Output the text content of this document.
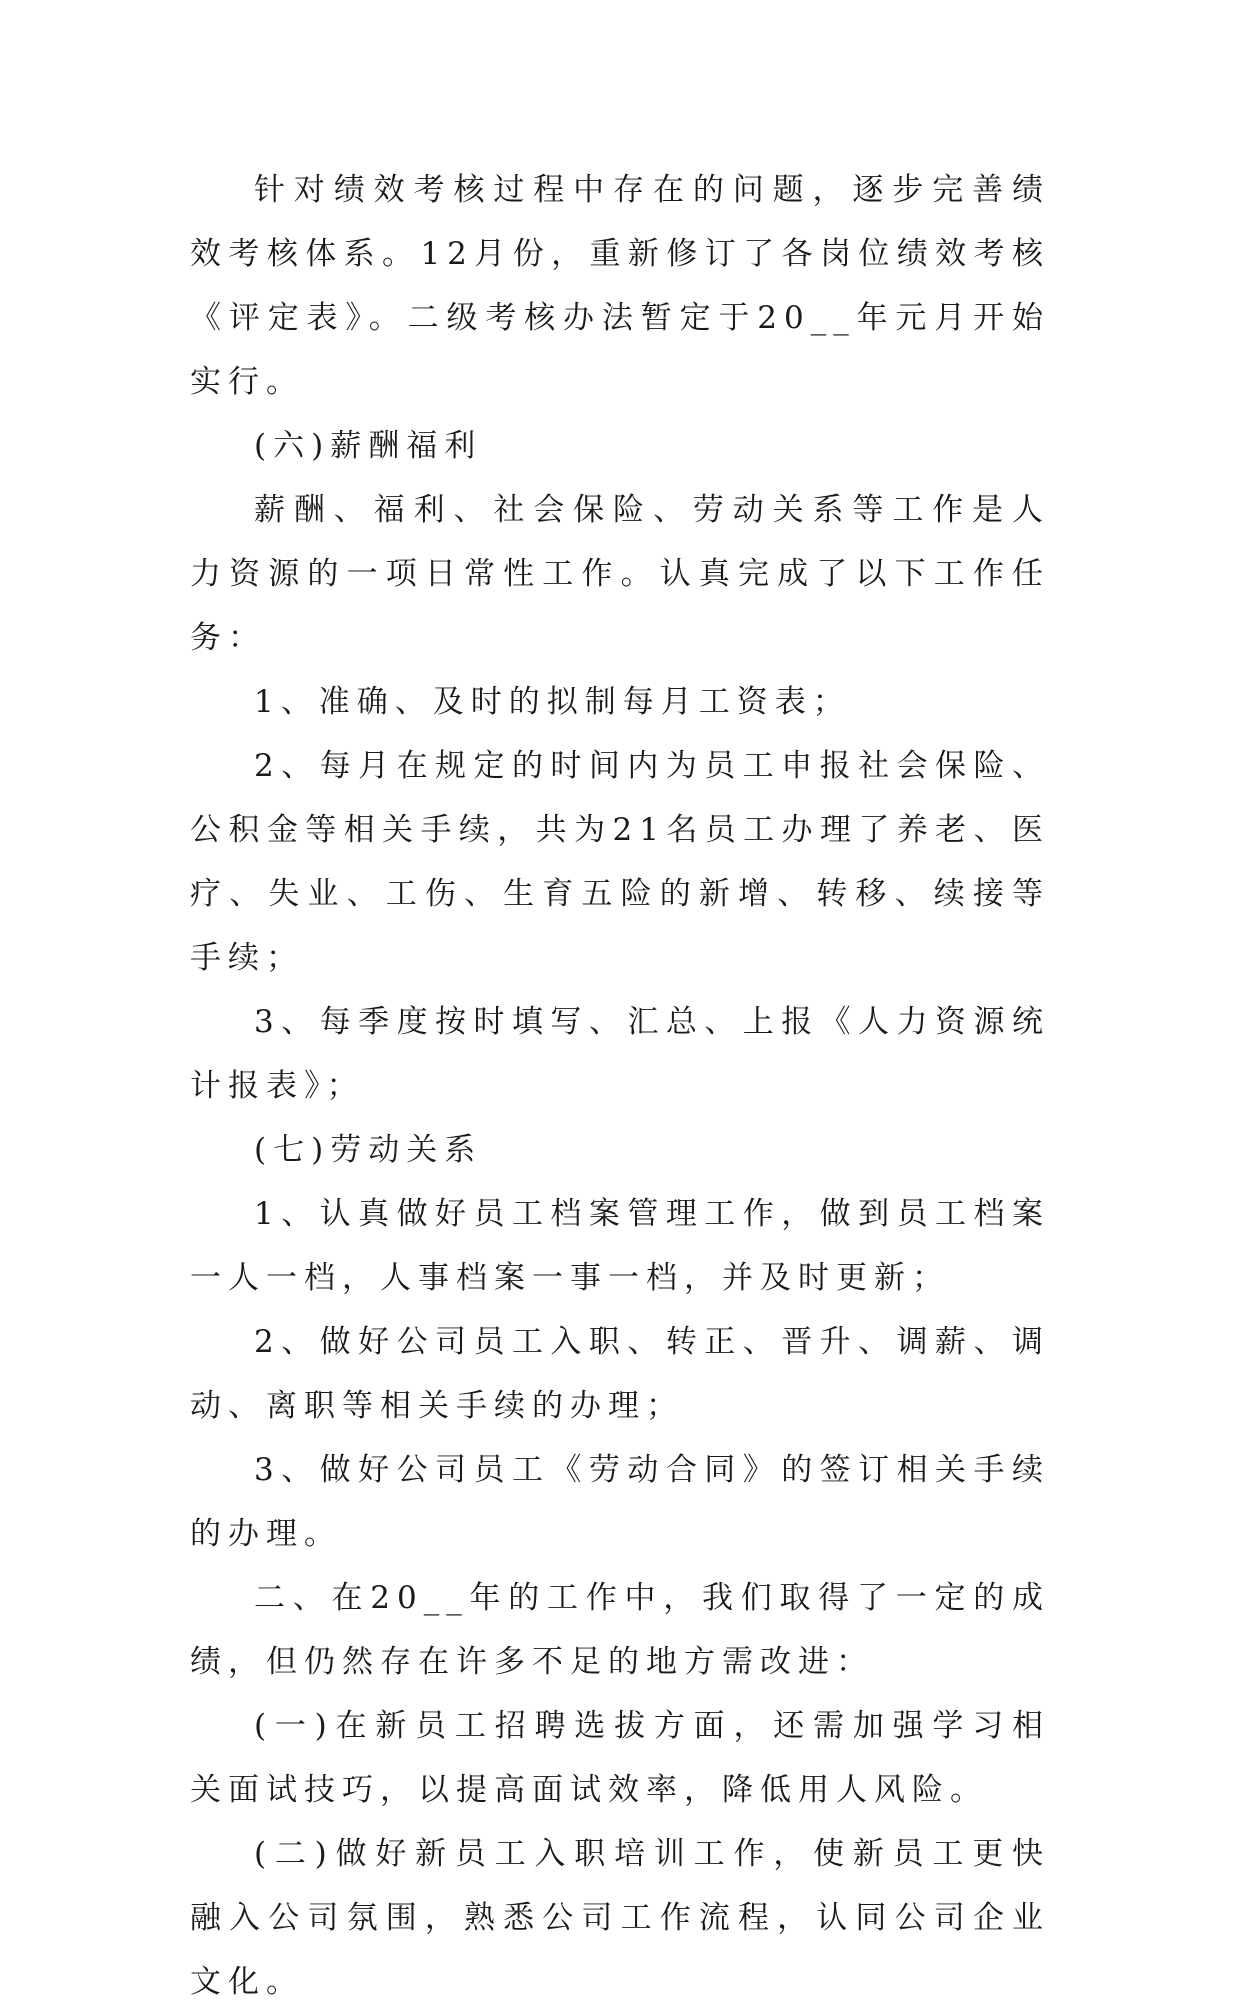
针对绩效考核过程中存在的问题，逐步完善绩效考核体系。12月份，重新修订了各岗位绩效考核《评定表》。二级考核办法暂定于20__年元月开始实行。

(六)薪酬福利

薪酬、福利、社会保险、劳动关系等工作是人力资源的一项日常性工作。认真完成了以下工作任务：

1、准确、及时的拟制每月工资表；

2、每月在规定的时间内为员工申报社会保险、公积金等相关手续，共为21名员工办理了养老、医疗、失业、工伤、生育五险的新增、转移、续接等手续；

3、每季度按时填写、汇总、上报《人力资源统计报表》；

(七)劳动关系

1、认真做好员工档案管理工作，做到员工档案一人一档，人事档案一事一档，并及时更新；

2、做好公司员工入职、转正、晋升、调薪、调动、离职等相关手续的办理；

3、做好公司员工《劳动合同》的签订相关手续的办理。

二、在20__年的工作中，我们取得了一定的成绩，但仍然存在许多不足的地方需改进：

(一)在新员工招聘选拔方面，还需加强学习相关面试技巧，以提高面试效率，降低用人风险。

(二)做好新员工入职培训工作，使新员工更快融入公司氛围，熟悉公司工作流程，认同公司企业文化。
